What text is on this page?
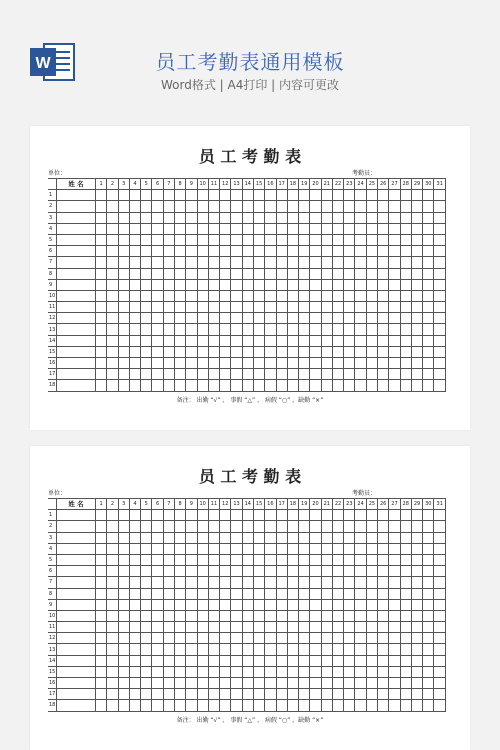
W	员工考勤表通用模板
Word格式 | A4打印 | 内容可更改
员 工 考 勤 表
单位：	考勤员：
	姓 名	1	2	3	4	5	6	7	8	9	10	11	12	13	14	15	16	17	18	19	20	21	22	23	24	25	26	27	28	29	30	31
1																																
2																																
3																																
4																																
5																																
6																																
7																																
8																																
9																																
10																																
11																																
12																																
13																																
14																																
15																																
16																																
17																																
18																																
备注： 出勤 “√” 、 事假 “△” 、 病假 “○” ，缺勤 “×”
员 工 考 勤 表
单位：	考勤员：
	姓 名	1	2	3	4	5	6	7	8	9	10	11	12	13	14	15	16	17	18	19	20	21	22	23	24	25	26	27	28	29	30	31
1																																
2																																
3																																
4																																
5																																
6																																
7																																
8																																
9																																
10																																
11																																
12																																
13																																
14																																
15																																
16																																
17																																
18																																
备注： 出勤 “√” 、 事假 “△” 、 病假 “○” ，缺勤 “×”
